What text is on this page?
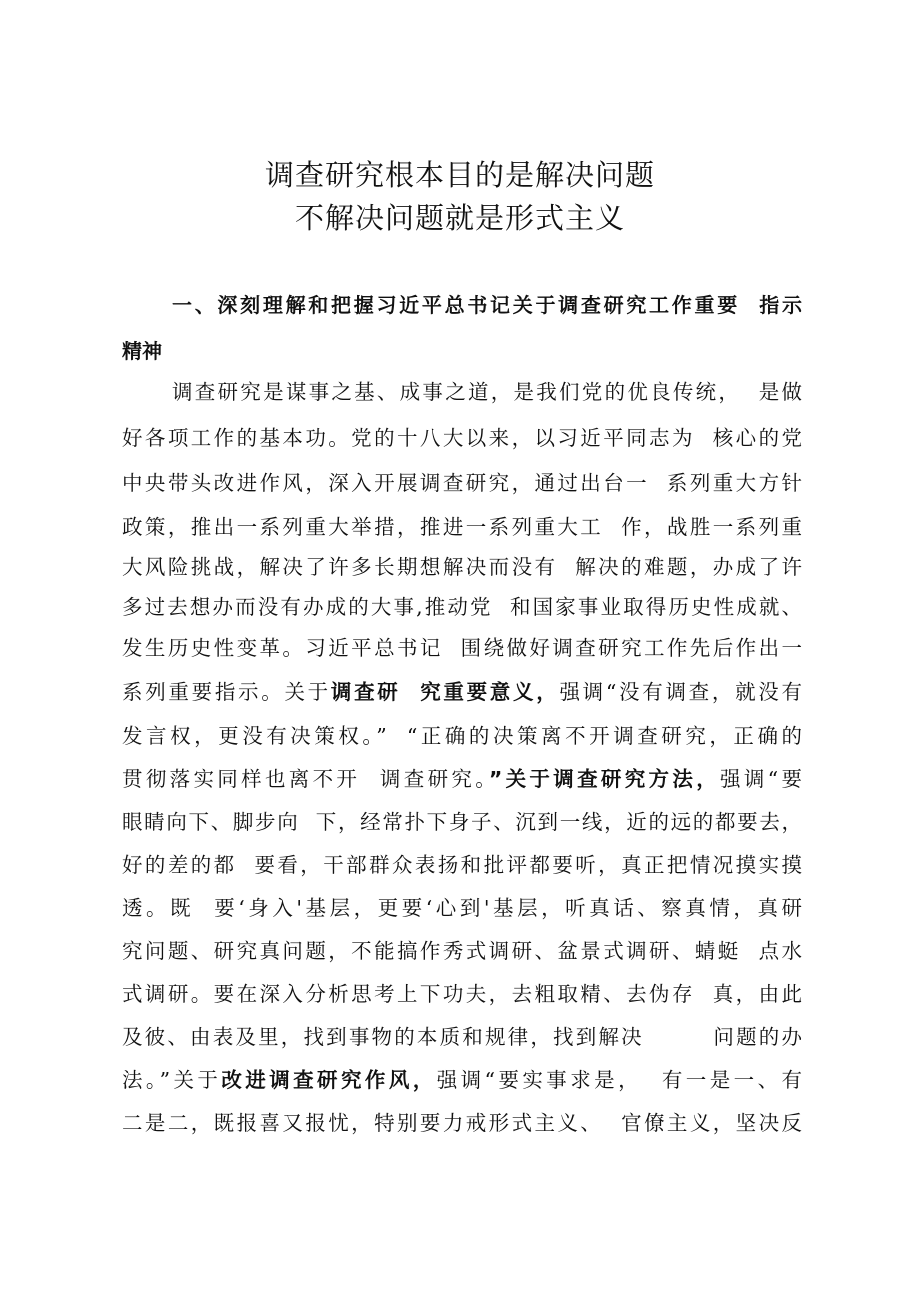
调查研究根本目的是解决问题
不解决问题就是形式主义
一、深刻理解和把握习近平总书记关于调查研究工作重要  指示
精神
调查研究是谋事之基、成事之道，是我们党的优良传统，  是做
好各项工作的基本功。党的十八大以来，以习近平同志为  核心的党
中央带头改进作风，深入开展调查研究，通过出台一  系列重大方针
政策，推出一系列重大举措，推进一系列重大工  作，战胜一系列重
大风险挑战，解决了许多长期想解决而没有  解决的难题，办成了许
多过去想办而没有办成的大事,推动党  和国家事业取得历史性成就、
发生历史性变革。习近平总书记  围绕做好调查研究工作先后作出一
系列重要指示。关于调查研  究重要意义，强调“没有调查，就没有
发言权，更没有决策权。”  “正确的决策离不开调查研究，正确的
贯彻落实同样也离不开  调查研究。”关于调查研究方法，强调“要
眼睛向下、脚步向  下，经常扑下身子、沉到一线，近的远的都要去，
好的差的都  要看，干部群众表扬和批评都要听，真正把情况摸实摸
透。既  要‘身入'基层，更要‘心到'基层，听真话、察真情，真研
究问题、研究真问题，不能搞作秀式调研、盆景式调研、蜻蜓  点水
式调研。要在深入分析思考上下功夫，去粗取精、去伪存  真，由此
及彼、由表及里，找到事物的本质和规律，找到解决        问题的办
法。”关于改进调查研究作风，强调“要实事求是，  有一是一、有
二是二，既报喜又报忧，特别要力戒形式主义、  官僚主义，坚决反
